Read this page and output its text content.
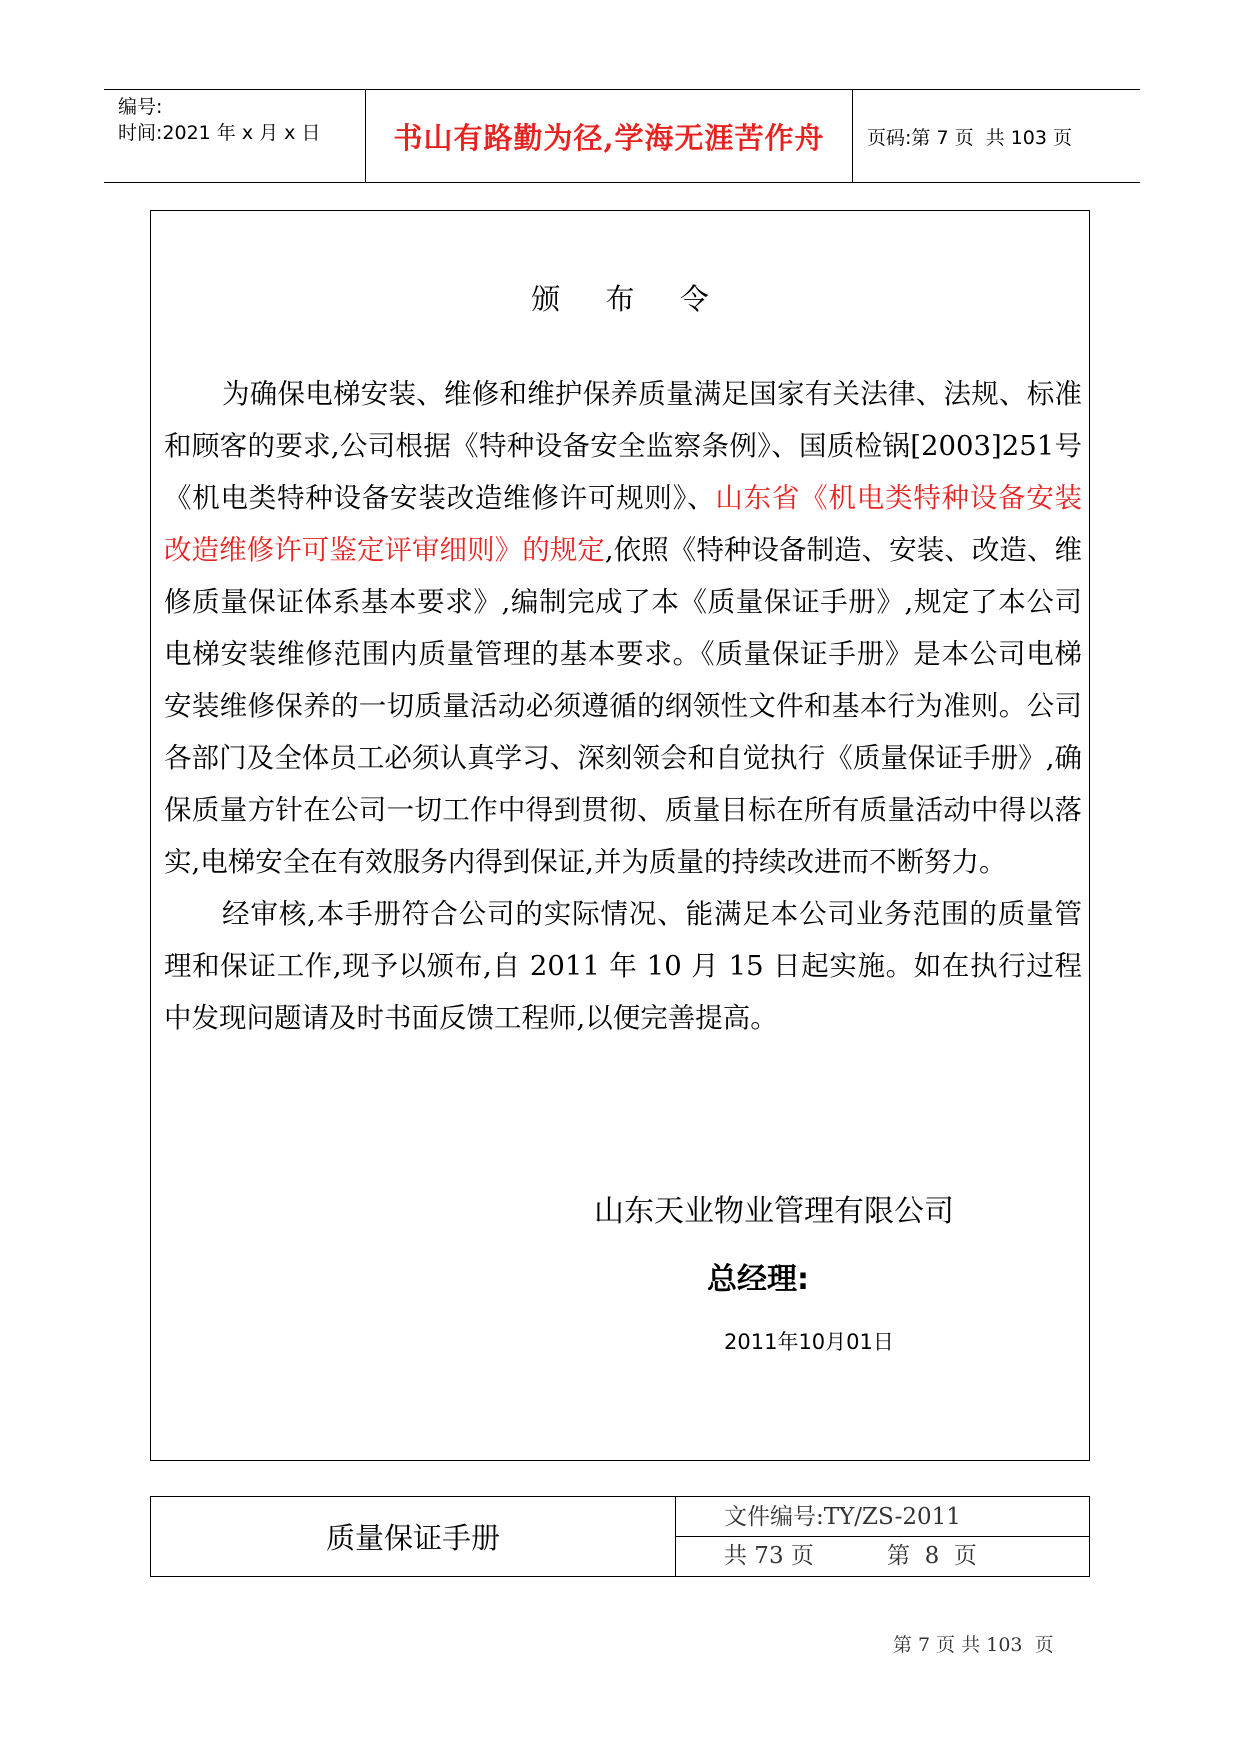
编号:
时间:2021 年 x 月 x 日	书山有路勤为径,学海无涯苦作舟	页码:第 7 页  共 103 页
颁 布 令

为确保电梯安装、维修和维护保养质量满足国家有关法律、法规、标准和顾客的要求,公司根据《特种设备安全监察条例》、国质检锅[2003]251号《机电类特种设备安装改造维修许可规则》、山东省《机电类特种设备安装改造维修许可鉴定评审细则》的规定,依照《特种设备制造、安装、改造、维修质量保证体系基本要求》,编制完成了本《质量保证手册》,规定了本公司电梯安装维修范围内质量管理的基本要求。《质量保证手册》是本公司电梯安装维修保养的一切质量活动必须遵循的纲领性文件和基本行为准则。公司各部门及全体员工必须认真学习、深刻领会和自觉执行《质量保证手册》,确保质量方针在公司一切工作中得到贯彻、质量目标在所有质量活动中得以落实,电梯安全在有效服务内得到保证,并为质量的持续改进而不断努力。

经审核,本手册符合公司的实际情况、能满足本公司业务范围的质量管理和保证工作,现予以颁布,自 2011 年 10 月 15 日起实施。如在执行过程中发现问题请及时书面反馈工程师,以便完善提高。

山东天业物业管理有限公司
总经理:
2011年10月01日
质量保证手册
文件编号:TY/ZS-2011
共 73 页          第  8  页
第 7 页 共 103  页
